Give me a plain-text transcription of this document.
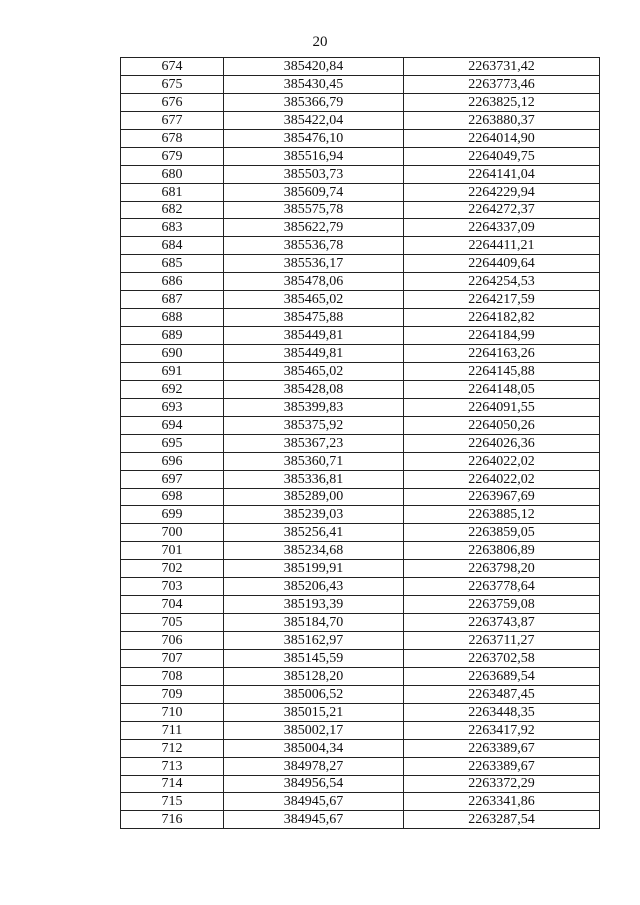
20
674	385420,84	2263731,42
675	385430,45	2263773,46
676	385366,79	2263825,12
677	385422,04	2263880,37
678	385476,10	2264014,90
679	385516,94	2264049,75
680	385503,73	2264141,04
681	385609,74	2264229,94
682	385575,78	2264272,37
683	385622,79	2264337,09
684	385536,78	2264411,21
685	385536,17	2264409,64
686	385478,06	2264254,53
687	385465,02	2264217,59
688	385475,88	2264182,82
689	385449,81	2264184,99
690	385449,81	2264163,26
691	385465,02	2264145,88
692	385428,08	2264148,05
693	385399,83	2264091,55
694	385375,92	2264050,26
695	385367,23	2264026,36
696	385360,71	2264022,02
697	385336,81	2264022,02
698	385289,00	2263967,69
699	385239,03	2263885,12
700	385256,41	2263859,05
701	385234,68	2263806,89
702	385199,91	2263798,20
703	385206,43	2263778,64
704	385193,39	2263759,08
705	385184,70	2263743,87
706	385162,97	2263711,27
707	385145,59	2263702,58
708	385128,20	2263689,54
709	385006,52	2263487,45
710	385015,21	2263448,35
711	385002,17	2263417,92
712	385004,34	2263389,67
713	384978,27	2263389,67
714	384956,54	2263372,29
715	384945,67	2263341,86
716	384945,67	2263287,54
